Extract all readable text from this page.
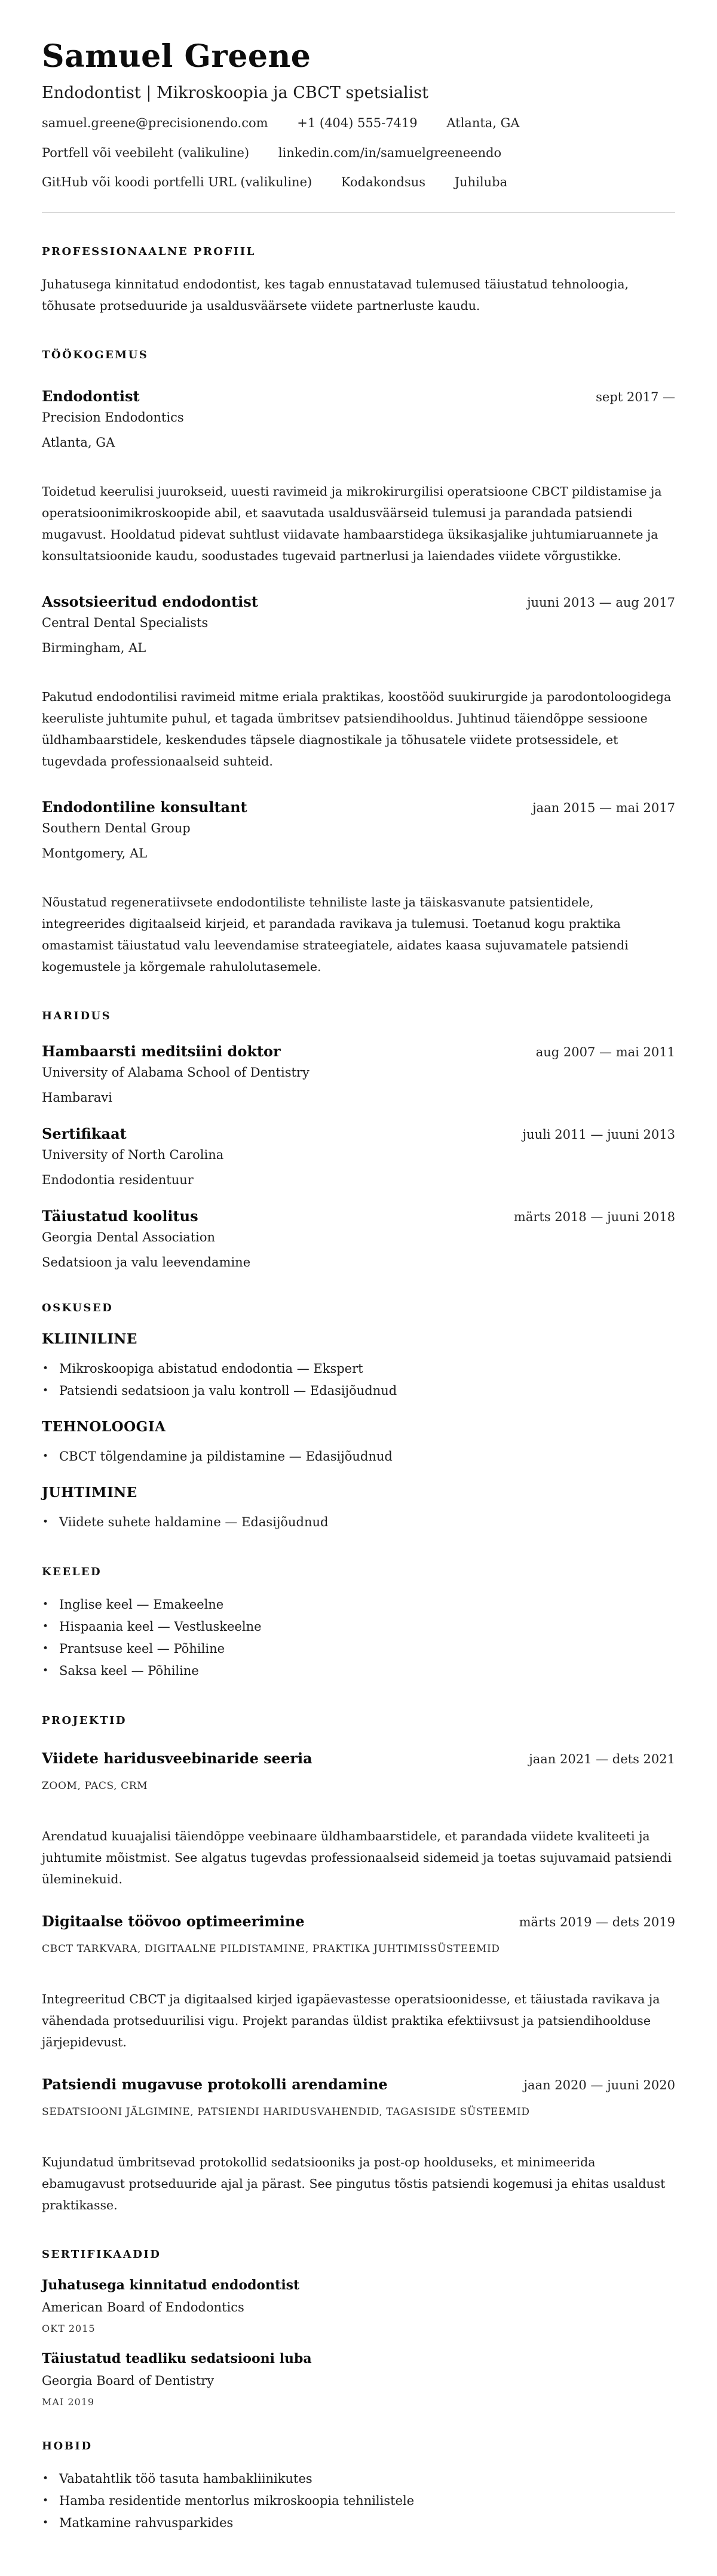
Samuel Greene
Endodontist | Mikroskoopia ja CBCT spetsialist
samuel.greene@precisionendo.com +1 (404) 555-7419 Atlanta, GA
Portfell või veebileht (valikuline) linkedin.com/in/samuelgreeneendo
GitHub või koodi portfelli URL (valikuline) Kodakondsus Juhiluba
PROFESSIONAALNE PROFIIL

Juhatusega kinnitatud endodontist, kes tagab ennustatavad tulemused täiustatud tehnoloogia, tõhusate protseduuride ja usaldusväärsete viidete partnerluste kaudu.

TÖÖKOGEMUS
Endodontist	sept 2017 —
Precision Endodontics
Atlanta, GA

Toidetud keerulisi juurokseid, uuesti ravimeid ja mikrokirurgilisi operatsioone CBCT pildistamise ja operatsioonimikroskoopide abil, et saavutada usaldusväärseid tulemusi ja parandada patsiendi mugavust. Hooldatud pidevat suhtlust viidavate hambaarstidega üksikasjalike juhtumiaruannete ja konsultatsioonide kaudu, soodustades tugevaid partnerlusi ja laiendades viidete võrgustikke.

Assotsieeritud endodontist	juuni 2013 — aug 2017
Central Dental Specialists
Birmingham, AL

Pakutud endodontilisi ravimeid mitme eriala praktikas, koostööd suukirurgide ja parodontoloogidega keeruliste juhtumite puhul, et tagada ümbritsev patsiendihooldus. Juhtinud täiendõppe sessioone üldhambaarstidele, keskendudes täpsele diagnostikale ja tõhusatele viidete protsessidele, et tugevdada professionaalseid suhteid.

Endodontiline konsultant	jaan 2015 — mai 2017
Southern Dental Group
Montgomery, AL

Nõustatud regeneratiivsete endodontiliste tehniliste laste ja täiskasvanute patsientidele, integreerides digitaalseid kirjeid, et parandada ravikava ja tulemusi. Toetanud kogu praktika omastamist täiustatud valu leevendamise strateegiatele, aidates kaasa sujuvamatele patsiendi kogemustele ja kõrgemale rahulolutasemele.

HARIDUS
Hambaarsti meditsiini doktor	aug 2007 — mai 2011
University of Alabama School of Dentistry
Hambaravi
Sertifikaat	juuli 2011 — juuni 2013
University of North Carolina
Endodontia residentuur
Täiustatud koolitus	märts 2018 — juuni 2018
Georgia Dental Association
Sedatsioon ja valu leevendamine
OSKUSED
KLIINILINE
• Mikroskoopiga abistatud endodontia — Ekspert
• Patsiendi sedatsioon ja valu kontroll — Edasijõudnud
TEHNOLOOGIA
• CBCT tõlgendamine ja pildistamine — Edasijõudnud
JUHTIMINE
• Viidete suhete haldamine — Edasijõudnud
KEELED
• Inglise keel — Emakeelne
• Hispaania keel — Vestluskeelne
• Prantsuse keel — Põhiline
• Saksa keel — Põhiline
PROJEKTID
Viidete haridusveebinaride seeria	jaan 2021 — dets 2021
ZOOM, PACS, CRM

Arendatud kuuajalisi täiendõppe veebinaare üldhambaarstidele, et parandada viidete kvaliteeti ja juhtumite mõistmist. See algatus tugevdas professionaalseid sidemeid ja toetas sujuvamaid patsiendi üleminekuid.

Digitaalse töövoo optimeerimine	märts 2019 — dets 2019
CBCT TARKVARA, DIGITAALNE PILDISTAMINE, PRAKTIKA JUHTIMISSÜSTEEMID

Integreeritud CBCT ja digitaalsed kirjed igapäevastesse operatsioonidesse, et täiustada ravikava ja vähendada protseduurilisi vigu. Projekt parandas üldist praktika efektiivsust ja patsiendihoolduse järjepidevust.

Patsiendi mugavuse protokolli arendamine	jaan 2020 — juuni 2020
SEDATSIOONI JÄLGIMINE, PATSIENDI HARIDUSVAHENDID, TAGASISIDE SÜSTEEMID

Kujundatud ümbritsevad protokollid sedatsiooniks ja post-op hoolduseks, et minimeerida ebamugavust protseduuride ajal ja pärast. See pingutus tõstis patsiendi kogemusi ja ehitas usaldust praktikasse.

SERTIFIKAADID
Juhatusega kinnitatud endodontist
American Board of Endodontics
OKT 2015
Täiustatud teadliku sedatsiooni luba
Georgia Board of Dentistry
MAI 2019
HOBID
• Vabatahtlik töö tasuta hambakliinikutes
• Hamba residentide mentorlus mikroskoopia tehnilistele
• Matkamine rahvusparkides
